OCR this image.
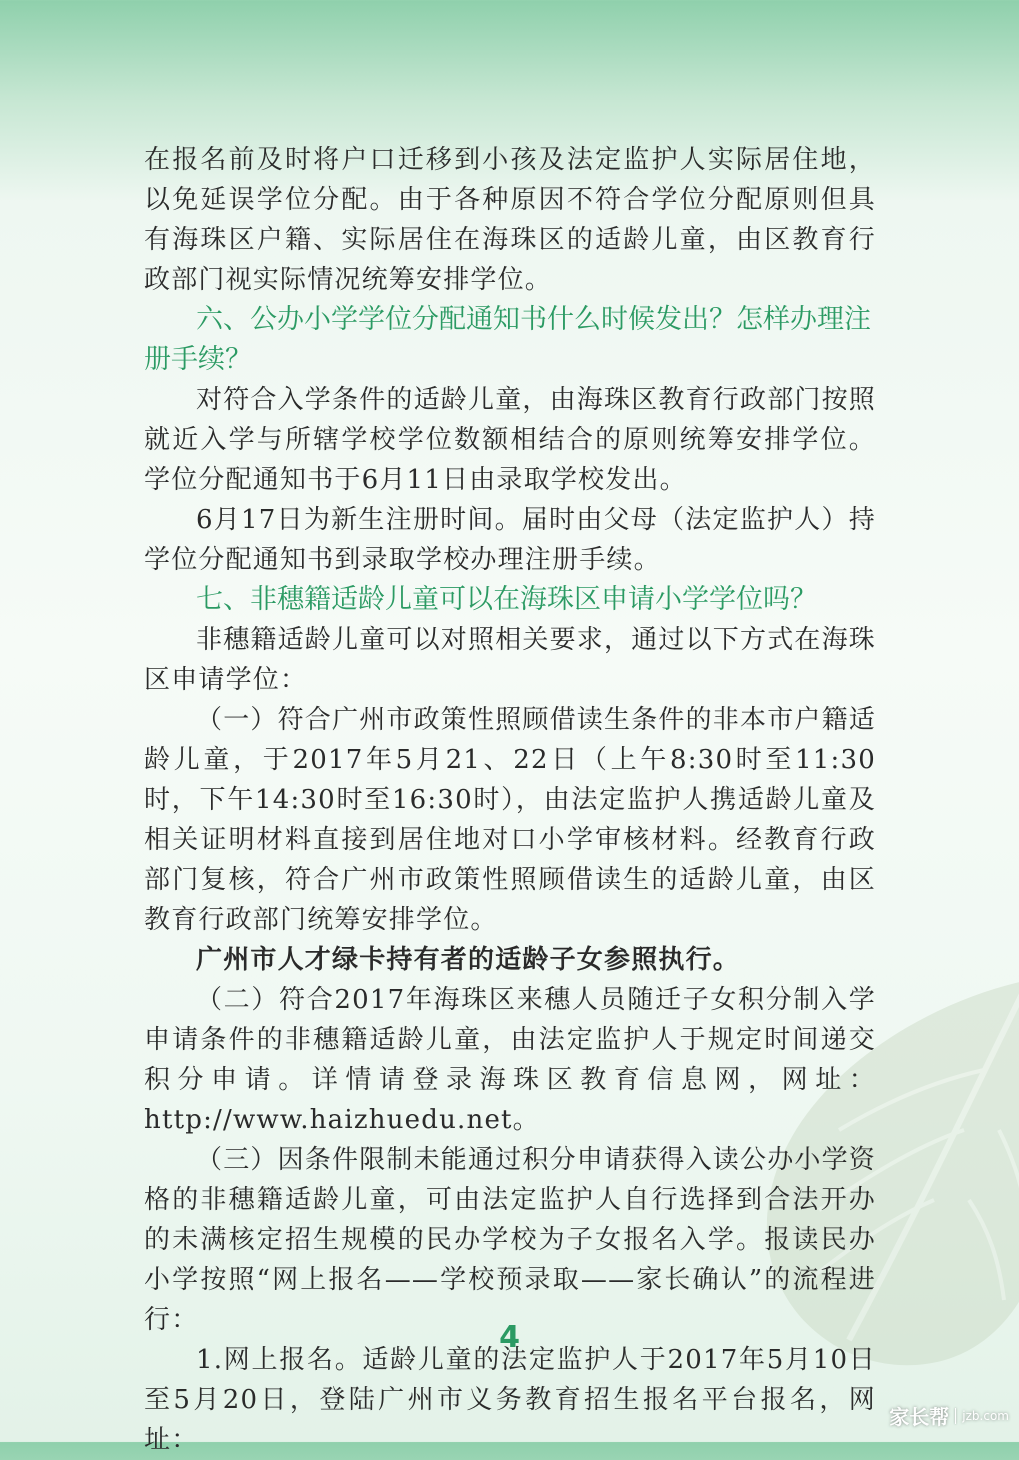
在报名前及时将户口迁移到小孩及法定监护人实际居住地，以免延误学位分配。由于各种原因不符合学位分配原则但具有海珠区户籍、实际居住在海珠区的适龄儿童，由区教育行政部门视实际情况统筹安排学位。

六、公办小学学位分配通知书什么时候发出？怎样办理注册手续？

对符合入学条件的适龄儿童，由海珠区教育行政部门按照就近入学与所辖学校学位数额相结合的原则统筹安排学位。学位分配通知书于6月11日由录取学校发出。

6月17日为新生注册时间。届时由父母（法定监护人）持学位分配通知书到录取学校办理注册手续。

七、非穗籍适龄儿童可以在海珠区申请小学学位吗？

非穗籍适龄儿童可以对照相关要求，通过以下方式在海珠区申请学位：

（一）符合广州市政策性照顾借读生条件的非本市户籍适龄儿童，于2017年5月21、22日（上午8:30时至11:30时，下午14:30时至16:30时），由法定监护人携适龄儿童及相关证明材料直接到居住地对口小学审核材料。经教育行政部门复核，符合广州市政策性照顾借读生的适龄儿童，由区教育行政部门统筹安排学位。

广州市人才绿卡持有者的适龄子女参照执行。

（二）符合2017年海珠区来穗人员随迁子女积分制入学申请条件的非穗籍适龄儿童，由法定监护人于规定时间递交积分申请。详情请登录海珠区教育信息网，网址：http://www.haizhuedu.net。

（三）因条件限制未能通过积分申请获得入读公办小学资格的非穗籍适龄儿童，可由法定监护人自行选择到合法开办的未满核定招生规模的民办学校为子女报名入学。报读民办小学按照“网上报名——学校预录取——家长确认”的流程进行：

1.网上报名。适龄儿童的法定监护人于2017年5月10日至5月20日，登陆广州市义务教育招生报名平台报名，网址：

4
家长帮 jzb.com
